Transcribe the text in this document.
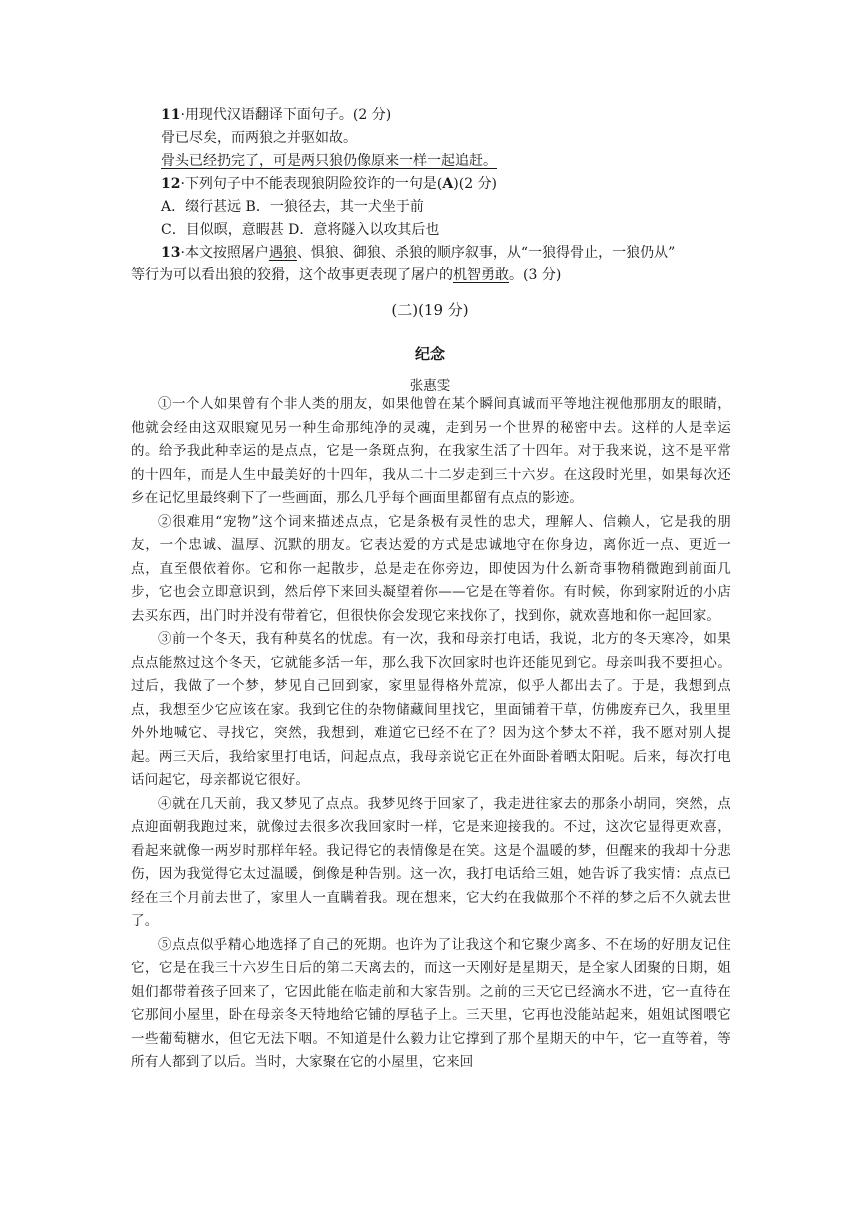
11·用现代汉语翻译下面句子。(2 分)
骨已尽矣，而两狼之并驱如故。
骨头已经扔完了，可是两只狼仍像原来一样一起追赶。
12·下列句子中不能表现狼阴险狡诈的一句是(A)(2 分)
A．缀行甚远 B．一狼径去，其一犬坐于前
C．目似暝，意暇甚 D．意将隧入以攻其后也
13·本文按照屠户遇狼、惧狼、御狼、杀狼的顺序叙事，从“一狼得骨止，一狼仍从”
等行为可以看出狼的狡猾，这个故事更表现了屠户的机智勇敢。(3 分)
(二)(19 分)
纪念
张惠雯

①一个人如果曾有个非人类的朋友，如果他曾在某个瞬间真诚而平等地注视他那朋友的眼睛，他就会经由这双眼窥见另一种生命那纯净的灵魂，走到另一个世界的秘密中去。这样的人是幸运的。给予我此种幸运的是点点，它是一条斑点狗，在我家生活了十四年。对于我来说，这不是平常的十四年，而是人生中最美好的十四年，我从二十二岁走到三十六岁。在这段时光里，如果每次还乡在记忆里最终剩下了一些画面，那么几乎每个画面里都留有点点的影迹。

②很难用“宠物”这个词来描述点点，它是条极有灵性的忠犬，理解人、信赖人，它是我的朋友，一个忠诚、温厚、沉默的朋友。它表达爱的方式是忠诚地守在你身边，离你近一点、更近一点，直至偎依着你。它和你一起散步，总是走在你旁边，即使因为什么新奇事物稍微跑到前面几步，它也会立即意识到，然后停下来回头凝望着你——它是在等着你。有时候，你到家附近的小店去买东西，出门时并没有带着它，但很快你会发现它来找你了，找到你，就欢喜地和你一起回家。

③前一个冬天，我有种莫名的忧虑。有一次，我和母亲打电话，我说，北方的冬天寒冷，如果点点能熬过这个冬天，它就能多活一年，那么我下次回家时也许还能见到它。母亲叫我不要担心。过后，我做了一个梦，梦见自己回到家，家里显得格外荒凉，似乎人都出去了。于是，我想到点点，我想至少它应该在家。我到它住的杂物储藏间里找它，里面铺着干草，仿佛废弃已久，我里里外外地喊它、寻找它，突然，我想到，难道它已经不在了？因为这个梦太不祥，我不愿对别人提起。两三天后，我给家里打电话，问起点点，我母亲说它正在外面卧着晒太阳呢。后来，每次打电话问起它，母亲都说它很好。

④就在几天前，我又梦见了点点。我梦见终于回家了，我走进往家去的那条小胡同，突然，点点迎面朝我跑过来，就像过去很多次我回家时一样，它是来迎接我的。不过，这次它显得更欢喜，看起来就像一两岁时那样年轻。我记得它的表情像是在笑。这是个温暖的梦，但醒来的我却十分悲伤，因为我觉得它太过温暖，倒像是种告别。这一次，我打电话给三姐，她告诉了我实情：点点已经在三个月前去世了，家里人一直瞒着我。现在想来，它大约在我做那个不祥的梦之后不久就去世了。

⑤点点似乎精心地选择了自己的死期。也许为了让我这个和它聚少离多、不在场的好朋友记住它，它是在我三十六岁生日后的第二天离去的，而这一天刚好是星期天，是全家人团聚的日期，姐姐们都带着孩子回来了，它因此能在临走前和大家告别。之前的三天它已经滴水不进，它一直待在它那间小屋里，卧在母亲冬天特地给它铺的厚毡子上。三天里，它再也没能站起来，姐姐试图喂它一些葡萄糖水，但它无法下咽。不知道是什么毅力让它撑到了那个星期天的中午，它一直等着，等所有人都到了以后。当时，大家聚在它的小屋里，它来回
